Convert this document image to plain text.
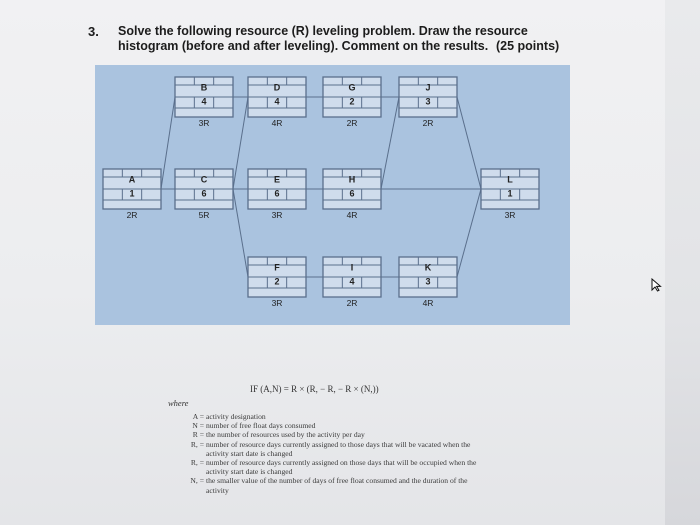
3. Solve the following resource (R) leveling problem. Draw the resource histogram (before and after leveling). Comment on the results. (25 points)
A
1
2R
B
4
3R
C
6
5R
D
4
4R
E
6
3R
F
2
3R
G
2
2R
H
6
4R
I
4
2R
J
3
2R
K
3
4R
L
1
3R
IF (A,N) = R × (R, − R, − R × (N,))
where
A = activity designation
N = number of free float days consumed
R = the number of resources used by the activity per day
R, = number of resource days currently assigned to those days that will be vacated when the activity start date is changed
R, = number of resource days currently assigned on those days that will be occupied when the activity start date is changed
N, = the smaller value of the number of days of free float consumed and the duration of the activity
